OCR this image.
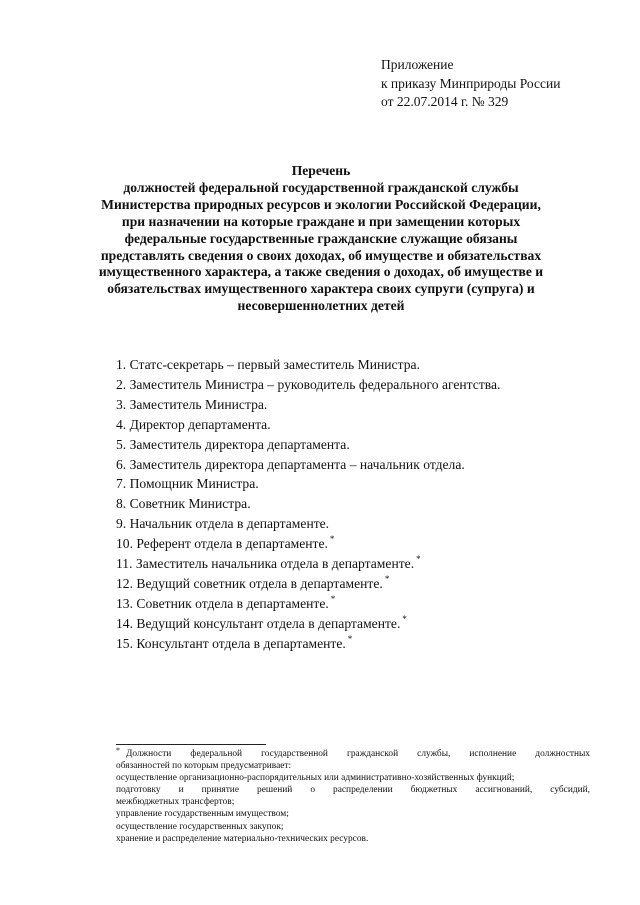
Приложение
к приказу Минприроды России
от 22.07.2014 г. № 329
Перечень
должностей федеральной государственной гражданской службы
Министерства природных ресурсов и экологии Российской Федерации,
при назначении на которые граждане и при замещении которых
федеральные государственные гражданские служащие обязаны
представлять сведения о своих доходах, об имуществе и обязательствах
имущественного характера, а также сведения о доходах, об имуществе и
обязательствах имущественного характера своих супруги (супруга) и
несовершеннолетних детей
1. Статс-секретарь – первый заместитель Министра.
2. Заместитель Министра – руководитель федерального агентства.
3. Заместитель Министра.
4. Директор департамента.
5. Заместитель директора департамента.
6. Заместитель директора департамента – начальник отдела.
7. Помощник Министра.
8. Советник Министра.
9. Начальник отдела в департаменте.
10. Референт отдела в департаменте. *
11. Заместитель начальника отдела в департаменте. *
12. Ведущий советник отдела в департаменте. *
13. Советник отдела в департаменте. *
14. Ведущий консультант отдела в департаменте. *
15. Консультант отдела в департаменте. *
* Должности федеральной государственной гражданской службы, исполнение должностных
обязанностей по которым предусматривает:
осуществление организационно-распорядительных или административно-хозяйственных функций;
подготовку и принятие решений о распределении бюджетных ассигнований, субсидий,
межбюджетных трансфертов;
управление государственным имуществом;
осуществление государственных закупок;
хранение и распределение материально-технических ресурсов.
